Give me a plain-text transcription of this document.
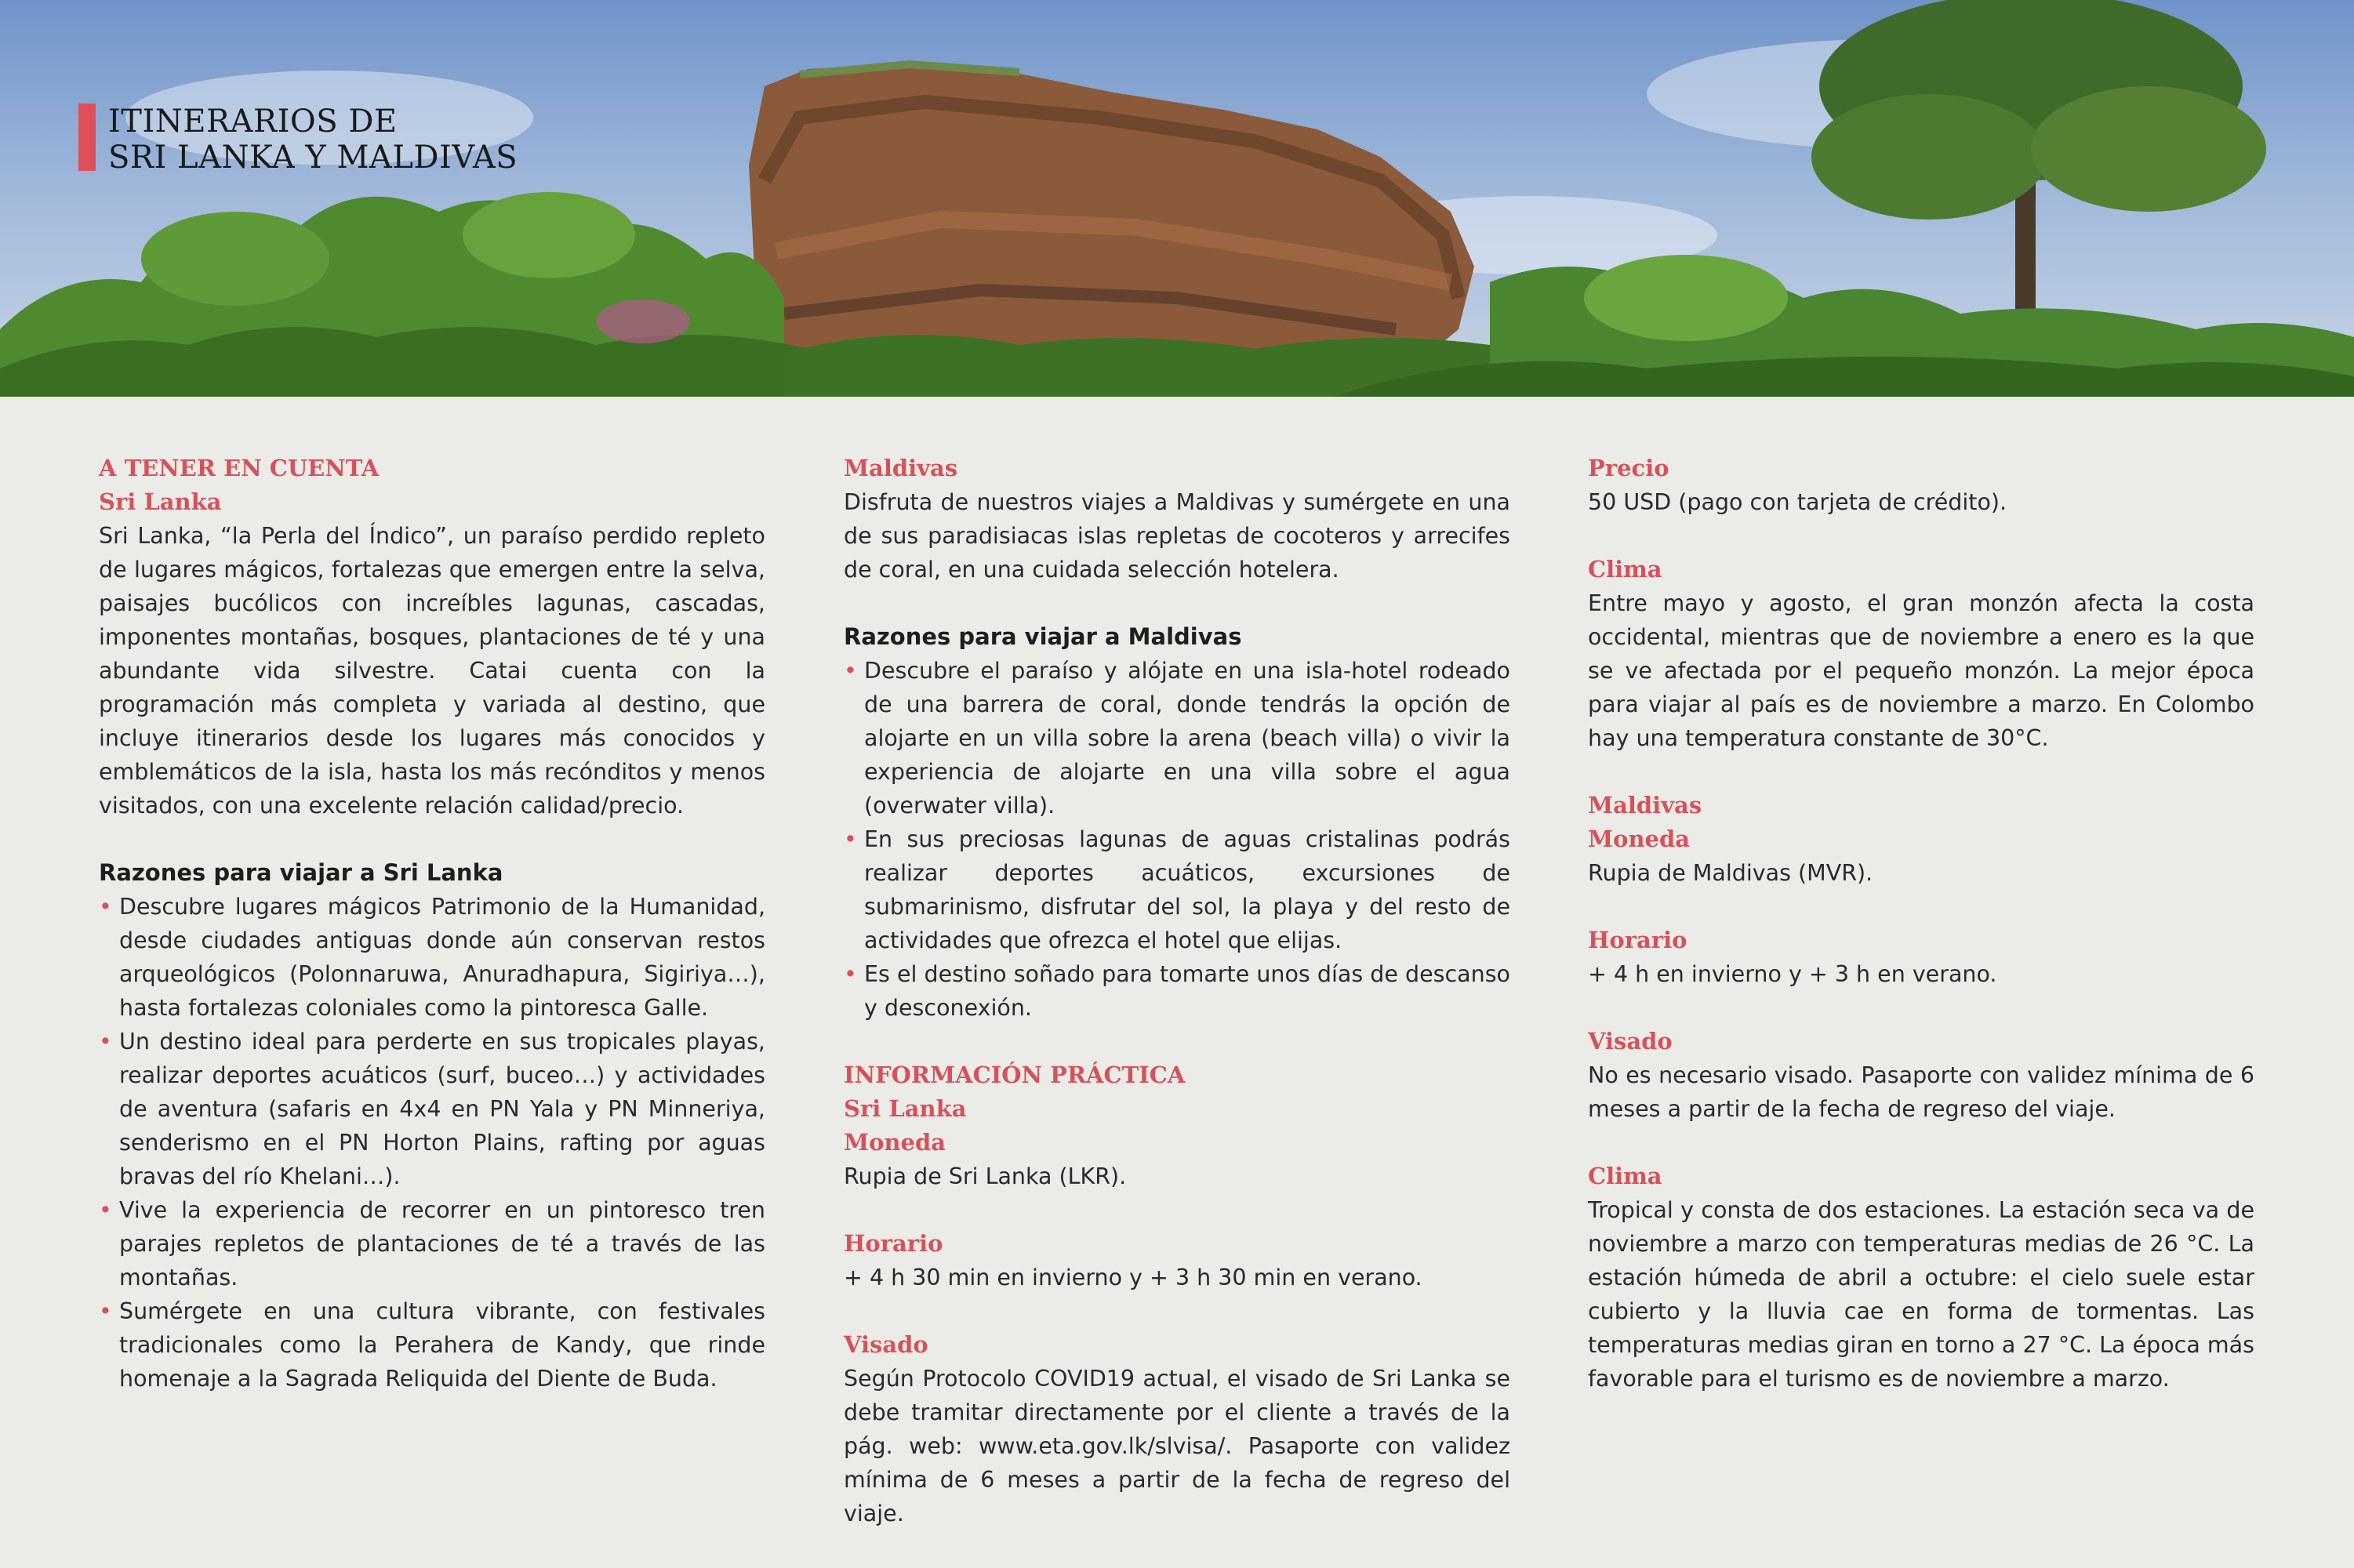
ITINERARIOS DE
SRI LANKA Y MALDIVAS
A TENER EN CUENTA
Sri Lanka

Sri Lanka, “la Perla del Índico”, un paraíso perdido repleto de lugares mágicos, fortalezas que emergen entre la selva, paisajes bucólicos con increíbles lagunas, cascadas, imponentes montañas, bosques, plantaciones de té y una abundante vida silvestre. Catai cuenta con la programación más completa y variada al destino, que incluye itinerarios desde los lugares más conocidos y emblemáticos de la isla, hasta los más recónditos y menos visitados, con una excelente relación calidad/precio.

Razones para viajar a Sri Lanka
• Descubre lugares mágicos Patrimonio de la Humanidad, desde ciudades antiguas donde aún conservan restos arqueológicos (Polonnaruwa, Anuradhapura, Sigiriya…), hasta fortalezas coloniales como la pintoresca Galle.
• Un destino ideal para perderte en sus tropicales playas, realizar deportes acuáticos (surf, buceo…) y actividades de aventura (safaris en 4x4 en PN Yala y PN Minneriya, senderismo en el PN Horton Plains, rafting por aguas bravas del río Khelani…).
• Vive la experiencia de recorrer en un pintoresco tren parajes repletos de plantaciones de té a través de las montañas.
• Sumérgete en una cultura vibrante, con festivales tradicionales como la Perahera de Kandy, que rinde homenaje a la Sagrada Reliquida del Diente de Buda.
Maldivas

Disfruta de nuestros viajes a Maldivas y sumérgete en una de sus paradisiacas islas repletas de cocoteros y arrecifes de coral, en una cuidada selección hotelera.

Razones para viajar a Maldivas
• Descubre el paraíso y alójate en una isla-hotel rodeado de una barrera de coral, donde tendrás la opción de alojarte en un villa sobre la arena (beach villa) o vivir la experiencia de alojarte en una villa sobre el agua (overwater villa).
• En sus preciosas lagunas de aguas cristalinas podrás realizar deportes acuáticos, excursiones de submarinismo, disfrutar del sol, la playa y del resto de actividades que ofrezca el hotel que elijas.
• Es el destino soñado para tomarte unos días de descanso y desconexión.
INFORMACIÓN PRÁCTICA
Sri Lanka
Moneda

Rupia de Sri Lanka (LKR).

Horario

+ 4 h 30 min en invierno y + 3 h 30 min en verano.

Visado

Según Protocolo COVID19 actual, el visado de Sri Lanka se debe tramitar directamente por el cliente a través de la pág. web: www.eta.gov.lk/slvisa/. Pasaporte con validez mínima de 6 meses a partir de la fecha de regreso del viaje.

Precio

50 USD (pago con tarjeta de crédito).

Clima

Entre mayo y agosto, el gran monzón afecta la costa occidental, mientras que de noviembre a enero es la que se ve afectada por el pequeño monzón. La mejor época para viajar al país es de noviembre a marzo. En Colombo hay una temperatura constante de 30°C.

Maldivas
Moneda

Rupia de Maldivas (MVR).

Horario

+ 4 h en invierno y + 3 h en verano.

Visado

No es necesario visado. Pasaporte con validez mínima de 6 meses a partir de la fecha de regreso del viaje.

Clima

Tropical y consta de dos estaciones. La estación seca va de noviembre a marzo con temperaturas medias de 26 °C. La estación húmeda de abril a octubre: el cielo suele estar cubierto y la lluvia cae en forma de tormentas. Las temperaturas medias giran en torno a 27 °C. La época más favorable para el turismo es de noviembre a marzo.
